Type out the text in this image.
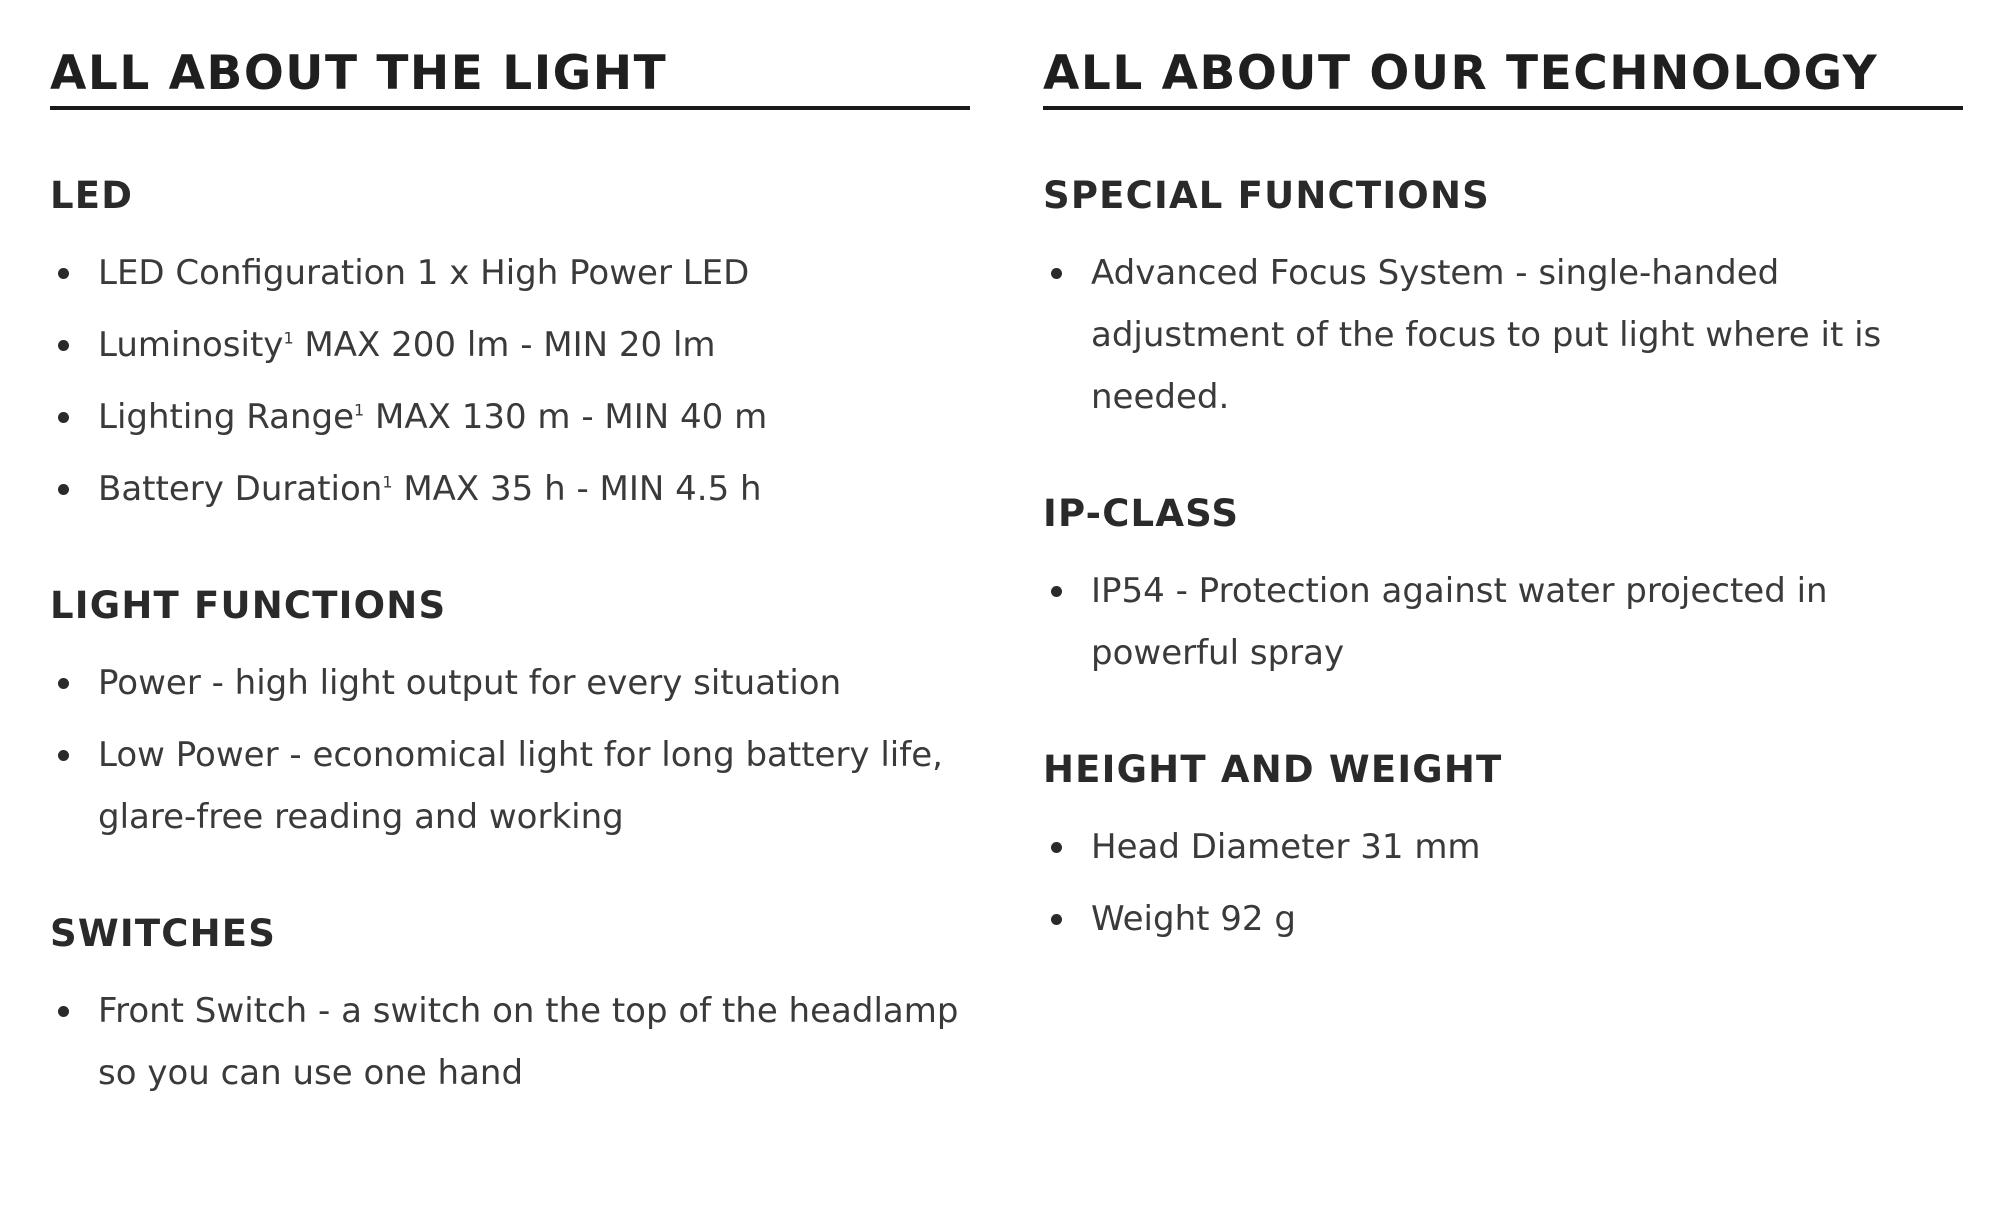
ALL ABOUT THE LIGHT
LED
LED Configuration 1 x High Power LED
Luminosity$^1$ MAX 200 lm - MIN 20 lm
Lighting Range$^1$ MAX 130 m - MIN 40 m
Battery Duration$^1$ MAX 35 h - MIN 4.5 h
LIGHT FUNCTIONS
Power - high light output for every situation
Low Power - economical light for long battery life, glare-free reading and working
SWITCHES
Front Switch - a switch on the top of the headlamp so you can use one hand
ALL ABOUT OUR TECHNOLOGY
SPECIAL FUNCTIONS
Advanced Focus System - single-handed adjustment of the focus to put light where it is needed.
IP-CLASS
IP54 - Protection against water projected in powerful spray
HEIGHT AND WEIGHT
Head Diameter 31 mm
Weight 92 g
